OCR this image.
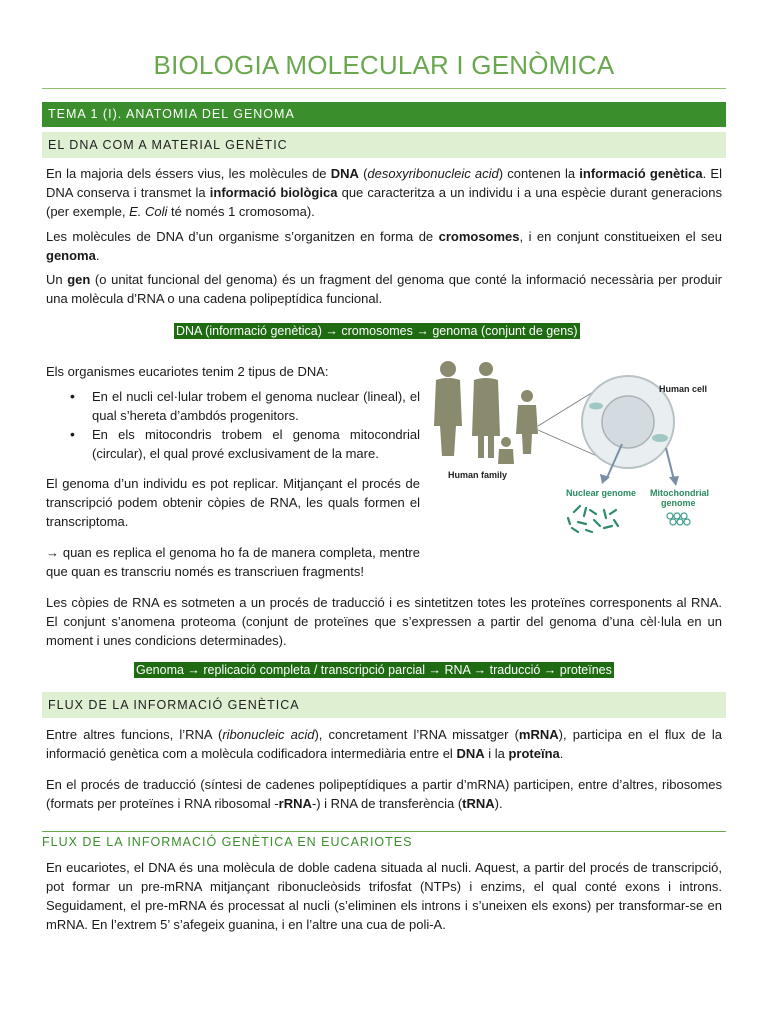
BIOLOGIA MOLECULAR I GENÒMICA
TEMA 1 (I). ANATOMIA DEL GENOMA
EL DNA COM A MATERIAL GENÈTIC

En la majoria dels éssers vius, les molècules de DNA (desoxyribonucleic acid) contenen la informació genètica. El DNA conserva i transmet la informació biològica que caracteritza a un individu i a una espècie durant generacions (per exemple, E. Coli té només 1 cromosoma).

Les molècules de DNA d’un organisme s’organitzen en forma de cromosomes, i en conjunt constitueixen el seu genoma.

Un gen (o unitat funcional del genoma) és un fragment del genoma que conté la informació necessària per produir una molècula d’RNA o una cadena polipeptídica funcional.

DNA (informació genètica) → cromosomes → genoma (conjunt de gens)

Els organismes eucariotes tenim 2 tipus de DNA:

• En el nucli cel·lular trobem el genoma nuclear (lineal), el qual s’hereta d’ambdós progenitors.
• En els mitocondris trobem el genoma mitocondrial (circular), el qual prové exclusivament de la mare.

El genoma d’un individu es pot replicar. Mitjançant el procés de transcripció podem obtenir còpies de RNA, les quals formen el transcriptoma.

→ quan es replica el genoma ho fa de manera completa, mentre que quan es transcriu només es transcriuen fragments!

Human family
Human cell
Nuclear genome Mitochondrial
genome

Les còpies de RNA es sotmeten a un procés de traducció i es sintetitzen totes les proteïnes corresponents al RNA. El conjunt s’anomena proteoma (conjunt de proteïnes que s’expressen a partir del genoma d’una cèl·lula en un moment i unes condicions determinades).

Genoma → replicació completa / transcripció parcial → RNA → traducció → proteïnes
FLUX DE LA INFORMACIÓ GENÈTICA

Entre altres funcions, l’RNA (ribonucleic acid), concretament l’RNA missatger (mRNA), participa en el flux de la informació genètica com a molècula codificadora intermediària entre el DNA i la proteïna.

En el procés de traducció (síntesi de cadenes polipeptídiques a partir d’mRNA) participen, entre d’altres, ribosomes (formats per proteïnes i RNA ribosomal -rRNA-) i RNA de transferència (tRNA).

FLUX DE LA INFORMACIÓ GENÈTICA EN EUCARIOTES

En eucariotes, el DNA és una molècula de doble cadena situada al nucli. Aquest, a partir del procés de transcripció, pot formar un pre-mRNA mitjançant ribonucleòsids trifosfat (NTPs) i enzims, el qual conté exons i introns. Seguidament, el pre-mRNA és processat al nucli (s’eliminen els introns i s’uneixen els exons) per transformar-se en mRNA. En l’extrem 5’ s’afegeix guanina, i en l’altre una cua de poli-A.
